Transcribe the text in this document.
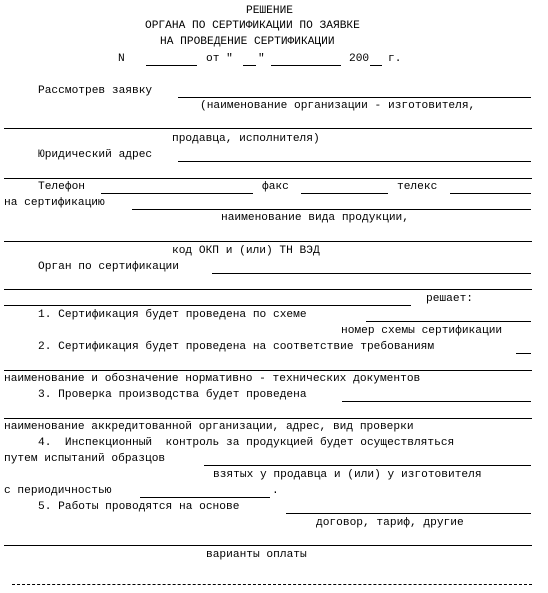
РЕШЕНИЕ
ОРГАНА ПО СЕРТИФИКАЦИИ ПО ЗАЯВКЕ
НА ПРОВЕДЕНИЕ СЕРТИФИКАЦИИ
N	от " "	200 г.
Рассмотрев заявку
(наименование организации - изготовителя,
продавца, исполнителя)
Юридический адрес
Телефон	факс	телекс
на сертификацию
наименование вида продукции,
код ОКП и (или) ТН ВЭД
Орган по сертификации
решает:
1. Сертификация будет проведена по схеме
номер схемы сертификации
2. Сертификация будет проведена на соответствие требованиям
наименование и обозначение нормативно - технических документов
3. Проверка производства будет проведена
наименование аккредитованной организации, адрес, вид проверки
4.  Инспекционный  контроль за продукцией будет осуществляться
путем испытаний образцов
взятых у продавца и (или) у изготовителя
с периодичностью	.
5. Работы проводятся на основе
договор, тариф, другие
варианты оплаты
